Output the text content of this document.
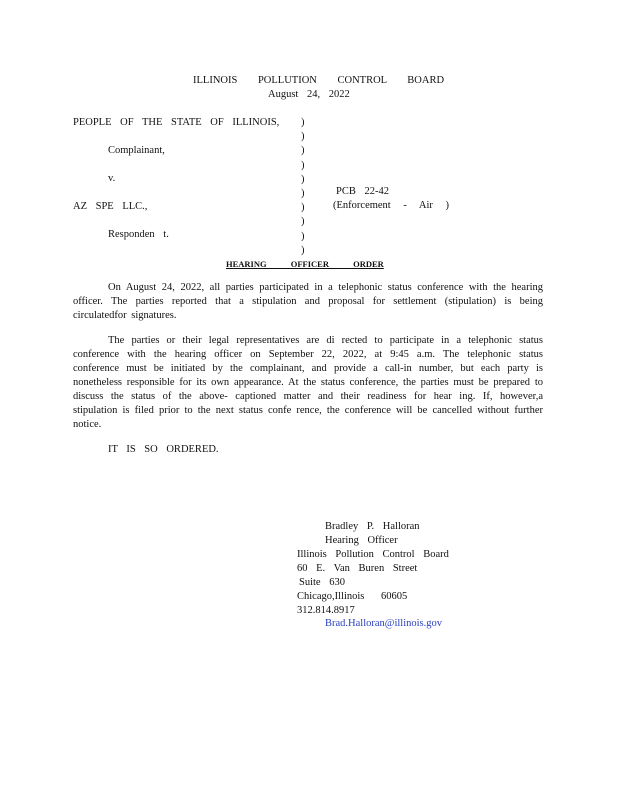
ILLINOIS POLLUTION CONTROL BOARD
August 24, 2022
PEOPLE OF THE STATE OF ILLINOIS,
Complainant,
v.
AZ SPE LLC.,
Responden t.
)
)
)
)
)
)
)
)
)
)
PCB 22-42
(Enforcement - Air )
HEARING OFFICER ORDER

On August 24, 2022, all parties participated in a telephonic status conference with the hearing officer. The parties reported that a stipulation and proposal for settlement (stipulation) is being circulatedfor signatures.

The parties or their legal representatives are di rected to participate in a telephonic status conference with the hearing officer on September 22, 2022, at 9:45 a.m. The telephonic status conference must be initiated by the complainant, and provide a call-in number, but each party is nonetheless responsible for its own appearance. At the status conference, the parties must be prepared to discuss the status of the above- captioned matter and their readiness for hear ing. If, however,a stipulation is filed prior to the next status confe rence, the conference will be cancelled without further notice.

IT IS SO ORDERED.
Bradley P. Halloran
Hearing Officer
Illinois Pollution Control Board
60 E. Van Buren Street
Suite 630
Chicago,Illinois 60605
312.814.8917
Brad.Halloran@illinois.gov
